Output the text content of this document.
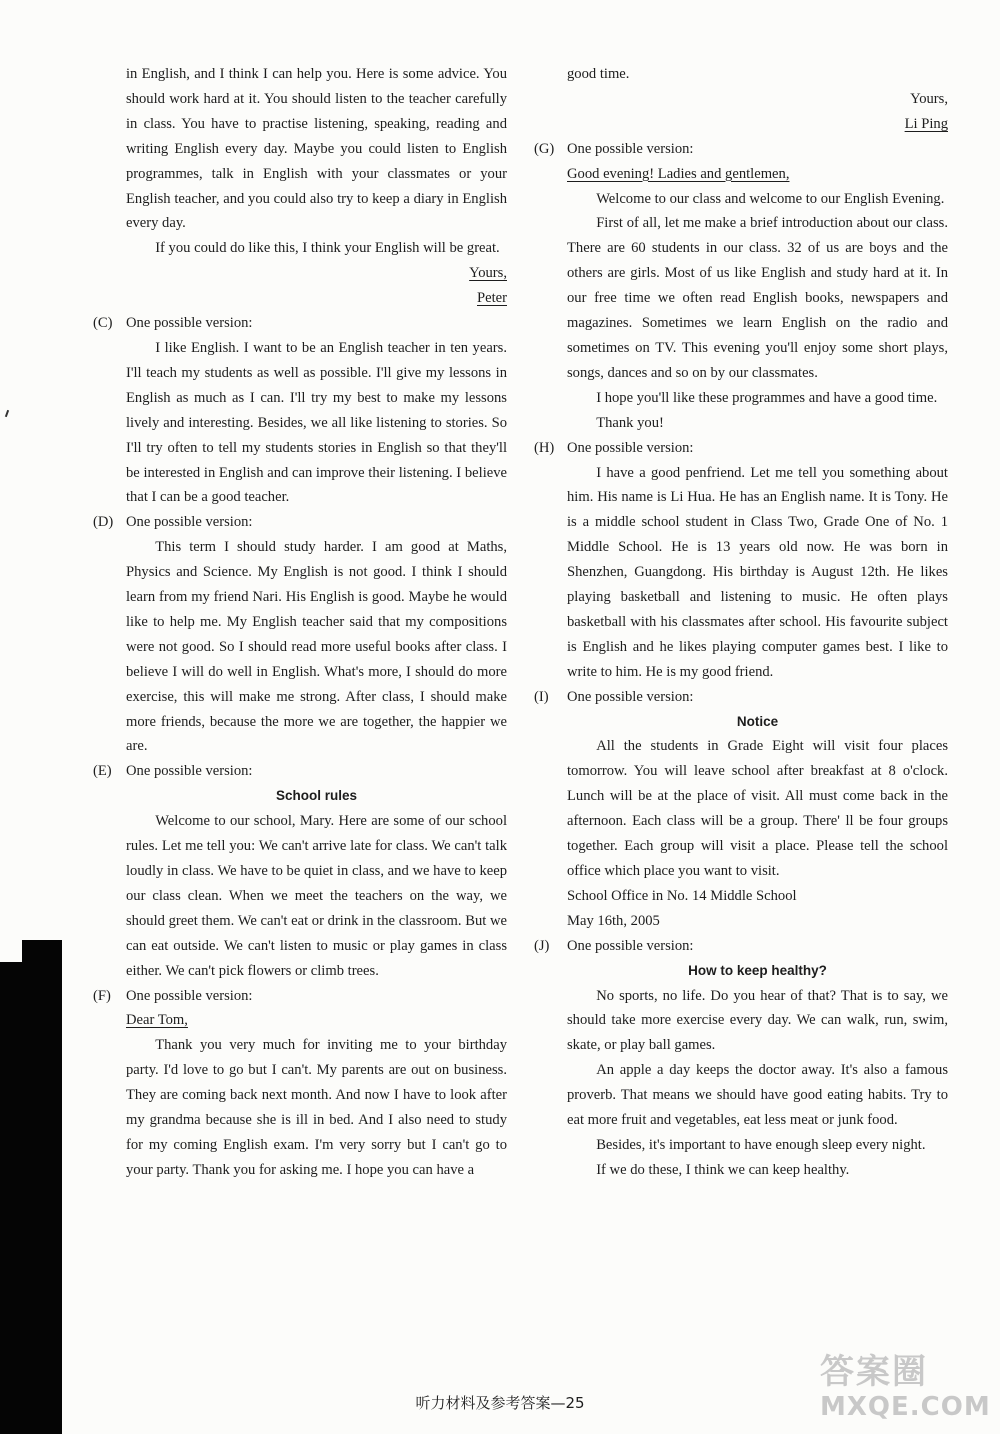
in English, and I think I can help you. Here is some advice. You should work hard at it. You should listen to the teacher carefully in class. You have to practise listening, speaking, reading and writing English every day. Maybe you could listen to English programmes, talk in English with your classmates or your English teacher, and you could also try to keep a diary in English every day.

If you could do like this, I think your English will be great.

Yours,

Peter

(C) One possible version:

I like English. I want to be an English teacher in ten years. I'll teach my students as well as possible. I'll give my lessons in English as much as I can. I'll try my best to make my lessons lively and interesting. Besides, we all like listening to stories. So I'll try often to tell my students stories in English so that they'll be interested in English and can improve their listening. I believe that I can be a good teacher.

(D) One possible version:

This term I should study harder. I am good at Maths, Physics and Science. My English is not good. I think I should learn from my friend Nari. His English is good. Maybe he would like to help me. My English teacher said that my compositions were not good. So I should read more useful books after class. I believe I will do well in English. What's more, I should do more exercise, this will make me strong. After class, I should make more friends, because the more we are together, the happier we are.

(E) One possible version:

School rules

Welcome to our school, Mary. Here are some of our school rules. Let me tell you: We can't arrive late for class. We can't talk loudly in class. We have to be quiet in class, and we have to keep our class clean. When we meet the teachers on the way, we should greet them. We can't eat or drink in the classroom. But we can eat outside. We can't listen to music or play games in class either. We can't pick flowers or climb trees.

(F) One possible version:

Dear Tom,

Thank you very much for inviting me to your birthday party. I'd love to go but I can't. My parents are out on business. They are coming back next month. And now I have to look after my grandma because she is ill in bed. And I also need to study for my coming English exam. I'm very sorry but I can't go to your party. Thank you for asking me. I hope you can have a

good time.

Yours,

Li Ping

(G) One possible version:

Good evening! Ladies and gentlemen,

Welcome to our class and welcome to our English Evening.

First of all, let me make a brief introduction about our class. There are 60 students in our class. 32 of us are boys and the others are girls. Most of us like English and study hard at it. In our free time we often read English books, newspapers and magazines. Sometimes we learn English on the radio and sometimes on TV. This evening you'll enjoy some short plays, songs, dances and so on by our classmates.

I hope you'll like these programmes and have a good time.

Thank you!

(H) One possible version:

I have a good penfriend. Let me tell you something about him. His name is Li Hua. He has an English name. It is Tony. He is a middle school student in Class Two, Grade One of No. 1 Middle School. He is 13 years old now. He was born in Shenzhen, Guangdong. His birthday is August 12th. He likes playing basketball and listening to music. He often plays basketball with his classmates after school. His favourite subject is English and he likes playing computer games best. I like to write to him. He is my good friend.

(I) One possible version:

Notice

All the students in Grade Eight will visit four places tomorrow. You will leave school after breakfast at 8 o'clock. Lunch will be at the place of visit. All must come back in the afternoon. Each class will be a group. There' ll be four groups together. Each group will visit a place. Please tell the school office which place you want to visit.

School Office in No. 14 Middle School

May 16th, 2005

(J) One possible version:

How to keep healthy?

No sports, no life. Do you hear of that? That is to say, we should take more exercise every day. We can walk, run, swim, skate, or play ball games.

An apple a day keeps the doctor away. It's also a famous proverb. That means we should have good eating habits. Try to eat more fruit and vegetables, eat less meat or junk food.

Besides, it's important to have enough sleep every night.

If we do these, I think we can keep healthy.

听力材料及参考答案—25
答案圈
MXQE.COM
